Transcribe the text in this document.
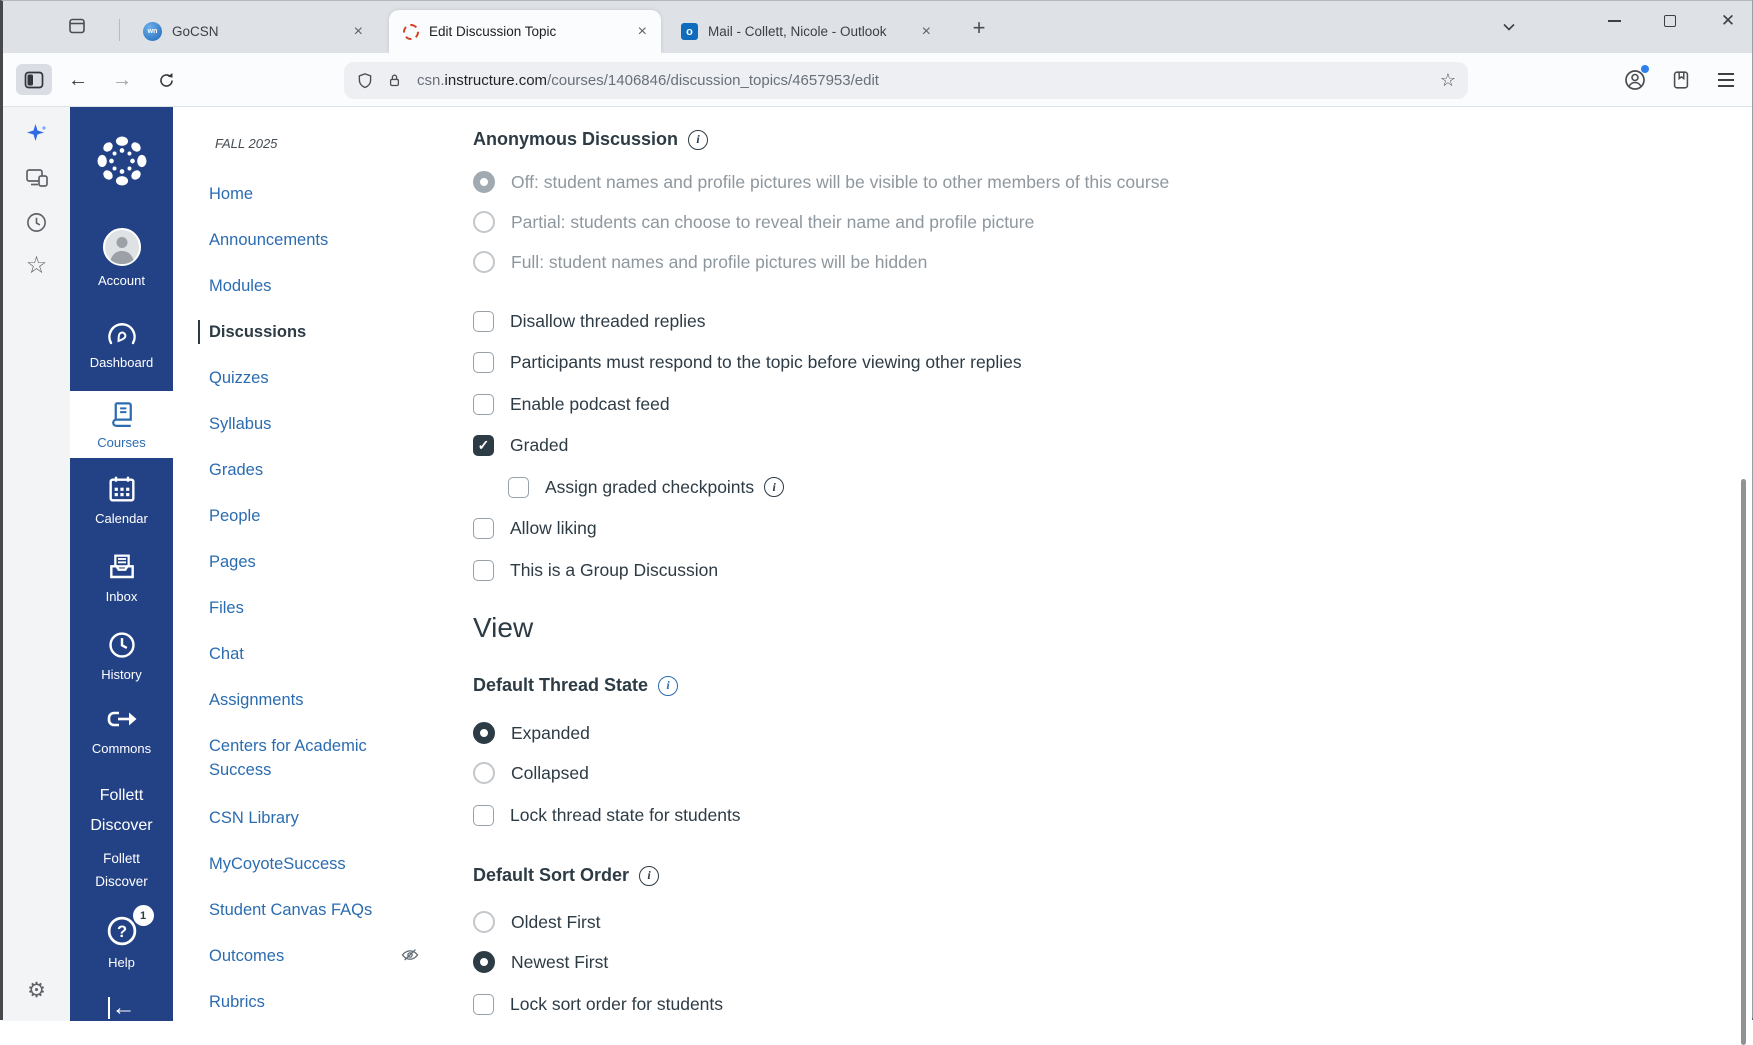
wn	GoCSN	×	Edit Discussion Topic	×	o	Mail - Collett, Nicole - Outlook	×	+	✕
←	→	csn.instructure.com/courses/1406846/discussion_topics/4657953/edit	☆
☆
⚙
Account
Dashboard
Courses
Calendar
Inbox
History
Commons
Follett
Discover
Follett
Discover
?
1
Help
←
FALL 2025
Home
Announcements
Modules
Discussions
Quizzes
Syllabus
Grades
People
Pages
Files
Chat
Assignments
Centers for Academic Success
CSN Library
MyCoyoteSuccess
Student Canvas FAQs
Outcomes
Rubrics
Anonymous Discussion	i
Off: student names and profile pictures will be visible to other members of this course
Partial: students can choose to reveal their name and profile picture
Full: student names and profile pictures will be hidden
Disallow threaded replies
Participants must respond to the topic before viewing other replies
Enable podcast feed
✓ Graded
Assign graded checkpoints	i
Allow liking
This is a Group Discussion
View
Default Thread State	i
Expanded
Collapsed
Lock thread state for students
Default Sort Order	i
Oldest First
Newest First
Lock sort order for students
